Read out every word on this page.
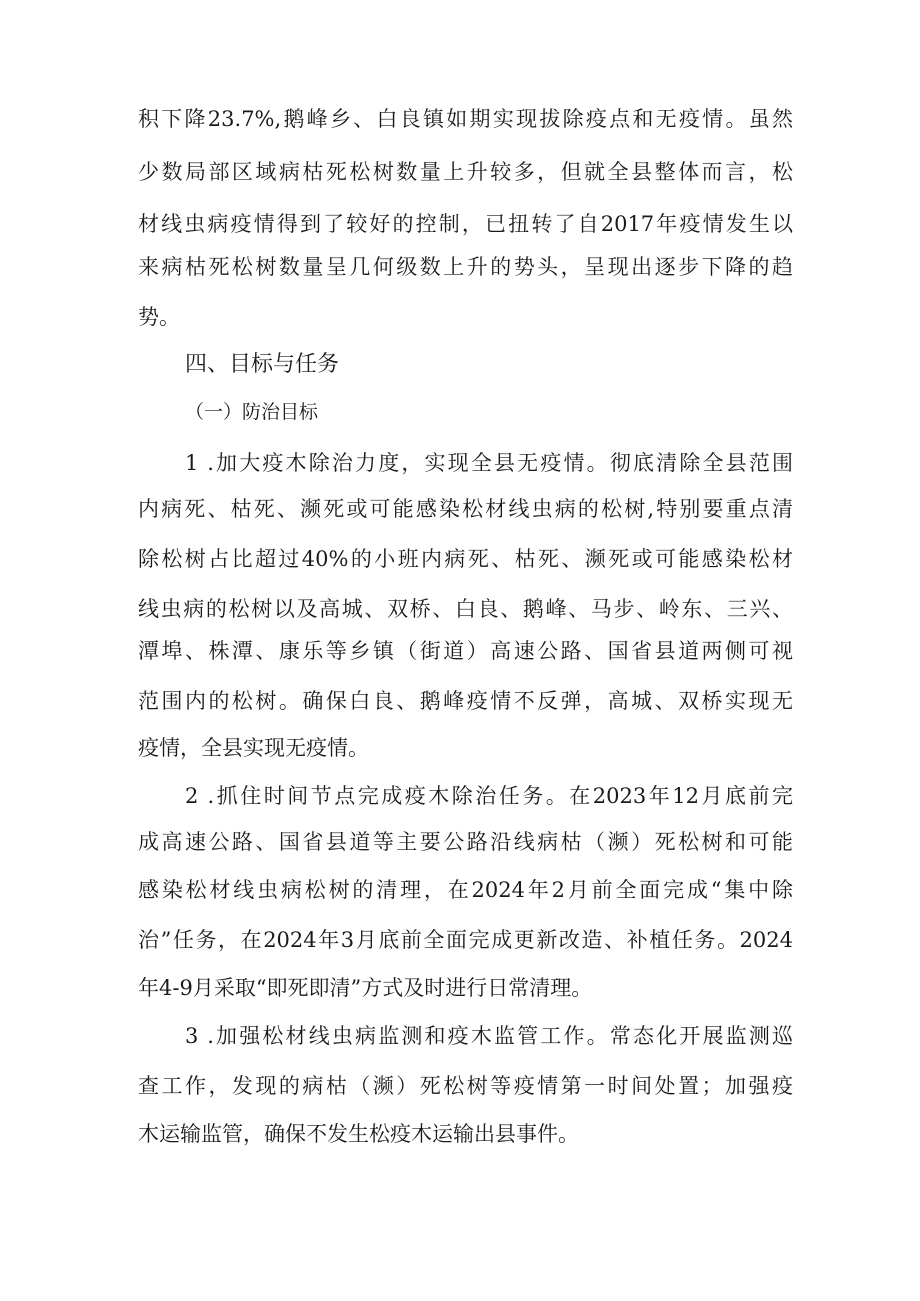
积下降23.7%,鹅峰乡、白良镇如期实现拔除疫点和无疫情。虽然
少数局部区域病枯死松树数量上升较多，但就全县整体而言，松
材线虫病疫情得到了较好的控制，已扭转了自2017年疫情发生以
来病枯死松树数量呈几何级数上升的势头，呈现出逐步下降的趋
势。
四、目标与任务
（一）防治目标
1 .加大疫木除治力度，实现全县无疫情。彻底清除全县范围
内病死、枯死、濒死或可能感染松材线虫病的松树,特别要重点清
除松树占比超过40%的小班内病死、枯死、濒死或可能感染松材
线虫病的松树以及高城、双桥、白良、鹅峰、马步、岭东、三兴、
潭埠、株潭、康乐等乡镇（街道）高速公路、国省县道两侧可视
范围内的松树。确保白良、鹅峰疫情不反弹，高城、双桥实现无
疫情，全县实现无疫情。
2 .抓住时间节点完成疫木除治任务。在2023年12月底前完
成高速公路、国省县道等主要公路沿线病枯（濒）死松树和可能
感染松材线虫病松树的清理，在2024年2月前全面完成“集中除
治”任务，在2024年3月底前全面完成更新改造、补植任务。2024
年4-9月采取“即死即清”方式及时进行日常清理。
3 .加强松材线虫病监测和疫木监管工作。常态化开展监测巡
查工作，发现的病枯（濒）死松树等疫情第一时间处置；加强疫
木运输监管，确保不发生松疫木运输出县事件。
